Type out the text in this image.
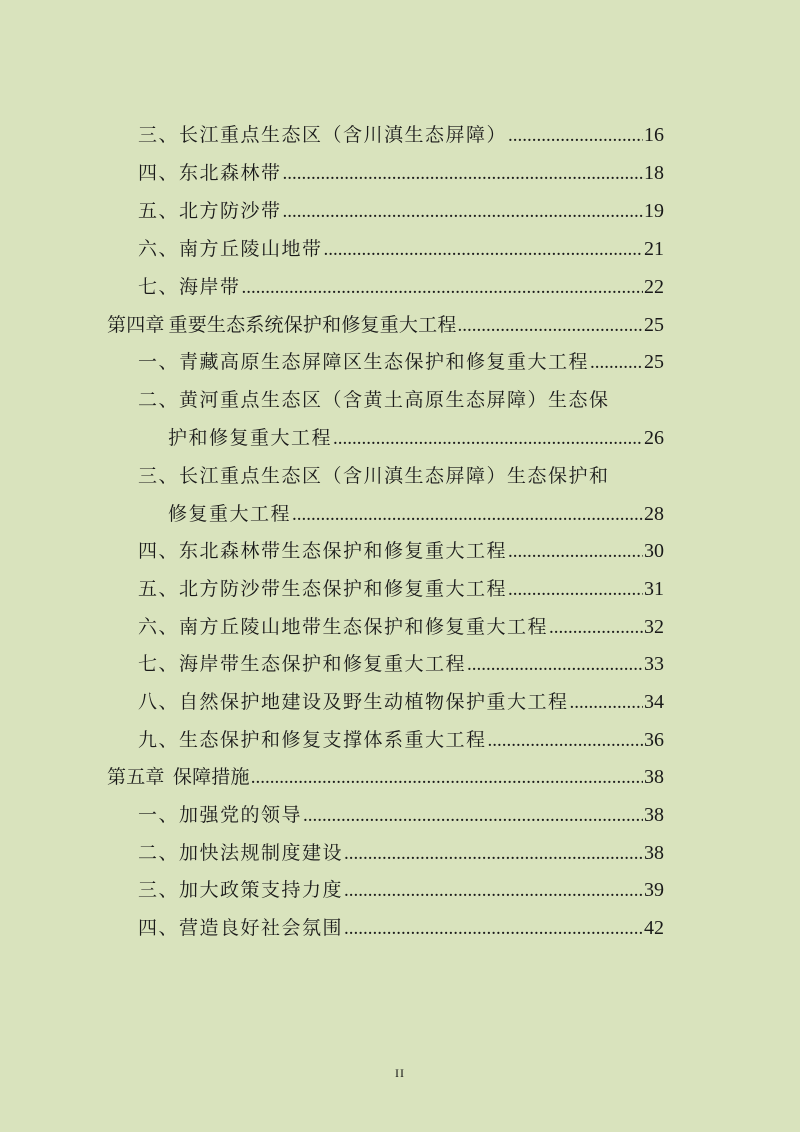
三、长江重点生态区（含川滇生态屏障） .....	16
四、东北森林带 .....	18
五、北方防沙带 .....	19
六、南方丘陵山地带 .....	21
七、海岸带 .....	22
第四章 重要生态系统保护和修复重大工程 .....	25
一、青藏高原生态屏障区生态保护和修复重大工程 .....	25
二、黄河重点生态区（含黄土高原生态屏障）生态保
护和修复重大工程 .....	26
三、长江重点生态区（含川滇生态屏障）生态保护和
修复重大工程 .....	28
四、东北森林带生态保护和修复重大工程 .....	30
五、北方防沙带生态保护和修复重大工程 .....	31
六、南方丘陵山地带生态保护和修复重大工程 .....	32
七、海岸带生态保护和修复重大工程 .....	33
八、自然保护地建设及野生动植物保护重大工程 .....	34
九、生态保护和修复支撑体系重大工程 .....	36
第五章 保障措施 .....	38
一、加强党的领导 .....	38
二、加快法规制度建设 .....	38
三、加大政策支持力度 .....	39
四、营造良好社会氛围 .....	42
II
